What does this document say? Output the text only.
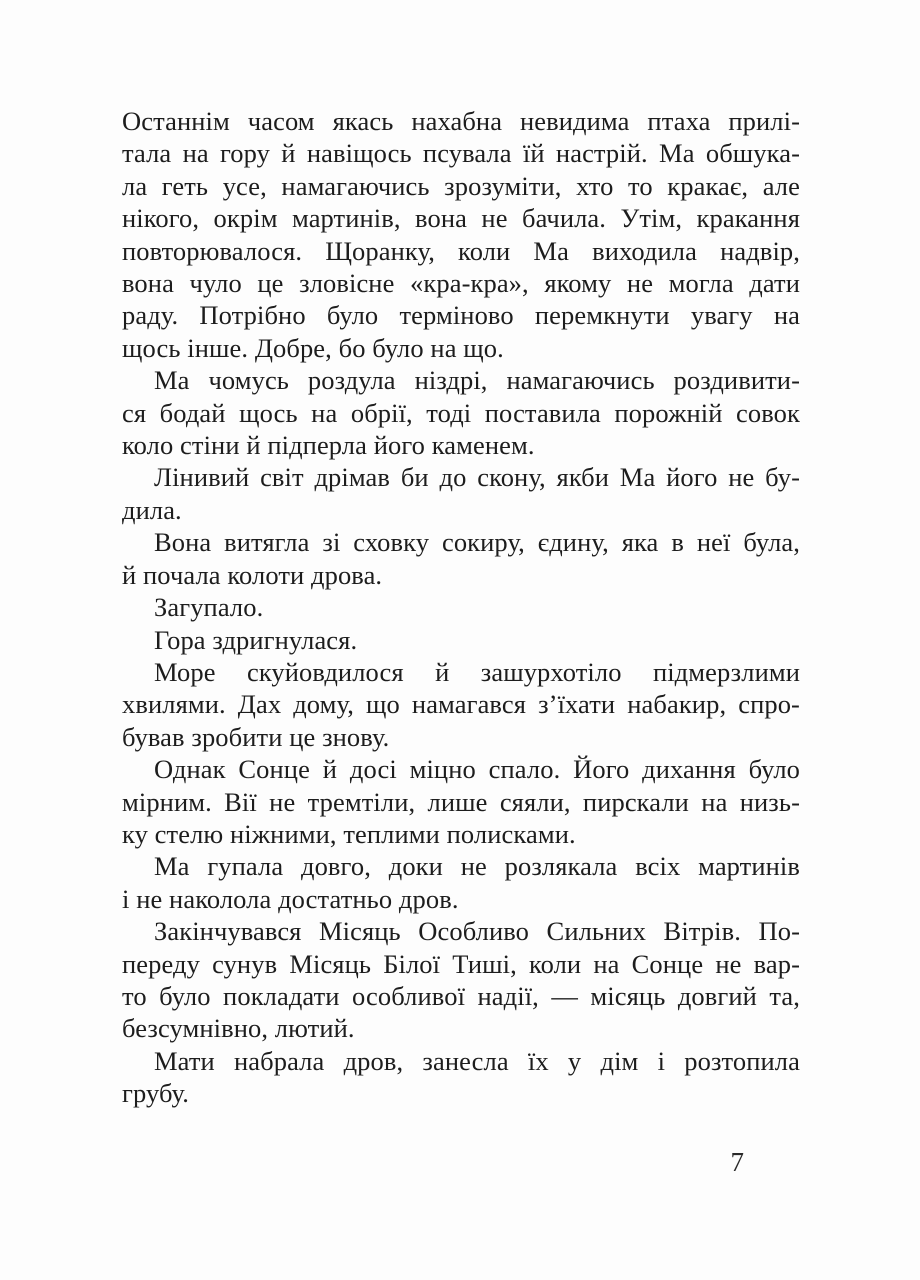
Останнім часом якась нахабна невидима птаха прилі-
тала на гору й навіщось псувала їй настрій. Ма обшука-
ла геть усе, намагаючись зрозуміти, хто то кракає, але
нікого, окрім мартинів, вона не бачила. Утім, кракання
повторювалося. Щоранку, коли Ма виходила надвір,
вона чуло це зловісне «кра-кра», якому не могла дати
раду. Потрібно було терміново перемкнути увагу на
щось інше. Добре, бо було на що.
Ма чомусь роздула ніздрі, намагаючись роздивити-
ся бодай щось на обрії, тоді поставила порожній совок
коло стіни й підперла його каменем.
Лінивий світ дрімав би до скону, якби Ма його не бу-
дила.
Вона витягла зі сховку сокиру, єдину, яка в неї була,
й почала колоти дрова.
Загупало.
Гора здригнулася.
Море скуйовдилося й зашурхотіло підмерзлими
хвилями. Дах дому, що намагався з’їхати набакир, спро-
бував зробити це знову.
Однак Сонце й досі міцно спало. Його дихання було
мірним. Вії не тремтіли, лише сяяли, пирскали на низь-
ку стелю ніжними, теплими полисками.
Ма гупала довго, доки не розлякала всіх мартинів
і не наколола достатньо дров.
Закінчувався Місяць Особливо Сильних Вітрів. По-
переду сунув Місяць Білої Тиші, коли на Сонце не вар-
то було покладати особливої надії, — місяць довгий та,
безсумнівно, лютий.
Мати набрала дров, занесла їх у дім і розтопила
грубу.
7
